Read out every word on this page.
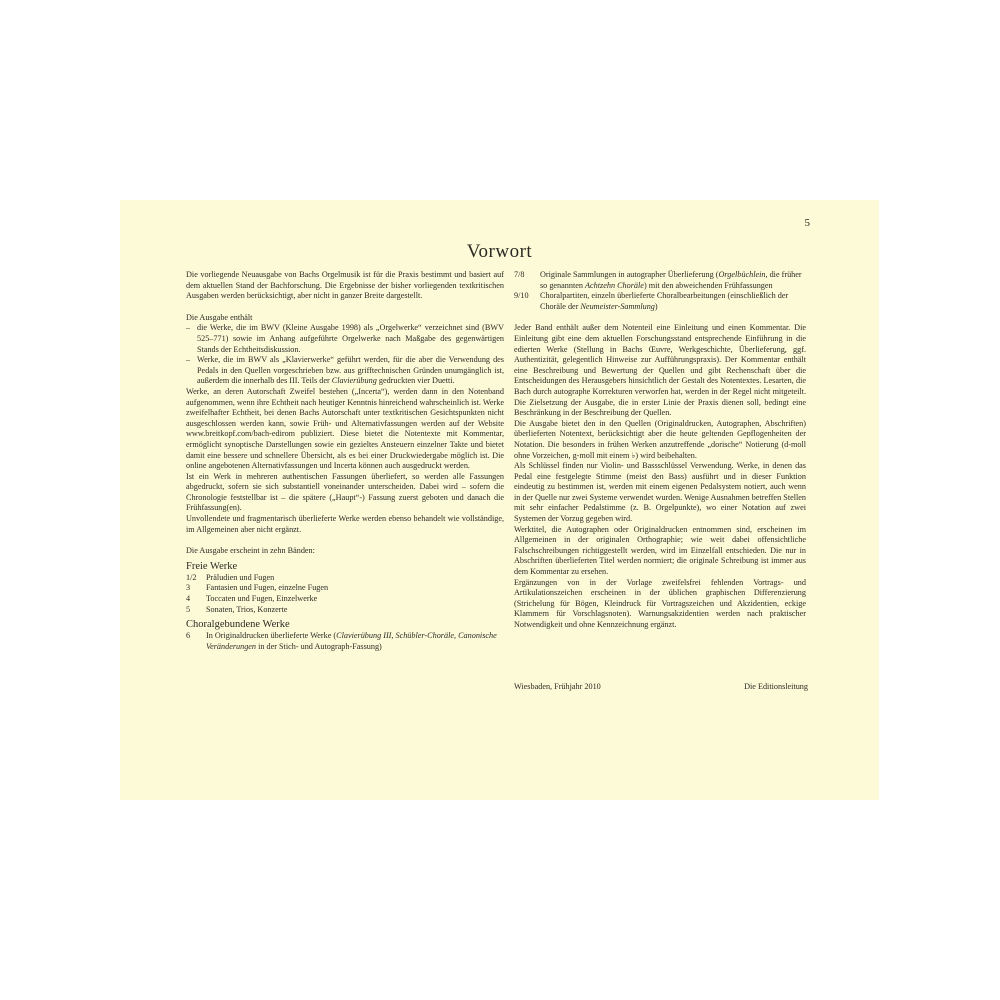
5
Vorwort

Die vorliegende Neuausgabe von Bachs Orgelmusik ist für die Praxis bestimmt und basiert auf dem aktuellen Stand der Bachforschung. Die Ergebnisse der bisher vorliegenden textkritischen Ausgaben werden berücksichtigt, aber nicht in ganzer Breite dargestellt.

Die Ausgabe enthält

– die Werke, die im BWV (Kleine Ausgabe 1998) als „Orgelwerke“ verzeichnet sind (BWV 525–771) sowie im Anhang aufgeführte Orgelwerke nach Maßgabe des gegenwärtigen Stands der Echtheitsdiskussion.
– Werke, die im BWV als „Klavierwerke“ geführt werden, für die aber die Verwendung des Pedals in den Quellen vorgeschrieben bzw. aus grifftechnischen Gründen unumgänglich ist, außerdem die innerhalb des III. Teils der Clavierübung gedruckten vier Duetti.

Werke, an deren Autorschaft Zweifel bestehen („Incerta“), werden dann in den Notenband aufgenommen, wenn ihre Echtheit nach heutiger Kenntnis hinreichend wahrscheinlich ist. Werke zweifelhafter Echtheit, bei denen Bachs Autorschaft unter textkritischen Gesichtspunkten nicht ausgeschlossen werden kann, sowie Früh- und Alternativfassungen werden auf der Website www.breitkopf.com/bach-edirom publiziert. Diese bietet die Notentexte mit Kommentar, ermöglicht synoptische Darstellungen sowie ein gezieltes Ansteuern einzelner Takte und bietet damit eine bessere und schnellere Übersicht, als es bei einer Druckwiedergabe möglich ist. Die online angebotenen Alternativfassungen und Incerta können auch ausgedruckt werden.

Ist ein Werk in mehreren authentischen Fassungen überliefert, so werden alle Fassungen abgedruckt, sofern sie sich substantiell voneinander unterscheiden. Dabei wird – sofern die Chronologie feststellbar ist – die spätere („Haupt“-) Fassung zuerst geboten und danach die Frühfassung(en).

Unvollendete und fragmentarisch überlieferte Werke werden ebenso behandelt wie vollständige, im Allgemeinen aber nicht ergänzt.

Die Ausgabe erscheint in zehn Bänden:

Freie Werke
1/2	Präludien und Fugen
3	Fantasien und Fugen, einzelne Fugen
4	Toccaten und Fugen, Einzelwerke
5	Sonaten, Trios, Konzerte
Choralgebundene Werke
6	In Originaldrucken überlieferte Werke (Clavierübung III, Schübler-Choräle, Canonische Veränderungen in der Stich- und Autograph-Fassung)
7/8	Originale Sammlungen in autographer Überlieferung (Orgelbüchlein, die früher so genannten Achtzehn Choräle) mit den abweichenden Frühfassungen
9/10	Choralpartiten, einzeln überlieferte Choralbearbeitungen (einschließlich der Choräle der Neumeister-Sammlung)

Jeder Band enthält außer dem Notenteil eine Einleitung und einen Kommentar. Die Einleitung gibt eine dem aktuellen Forschungsstand entsprechende Einführung in die edierten Werke (Stellung in Bachs Œuvre, Werkgeschichte, Überlieferung, ggf. Authentizität, gelegentlich Hinweise zur Aufführungspraxis). Der Kommentar enthält eine Beschreibung und Bewertung der Quellen und gibt Rechenschaft über die Entscheidungen des Herausgebers hinsichtlich der Gestalt des Notentextes. Lesarten, die Bach durch autographe Korrekturen verworfen hat, werden in der Regel nicht mitgeteilt. Die Zielsetzung der Ausgabe, die in erster Linie der Praxis dienen soll, bedingt eine Beschränkung in der Beschreibung der Quellen.

Die Ausgabe bietet den in den Quellen (Originaldrucken, Autographen, Abschriften) überlieferten Notentext, berücksichtigt aber die heute geltenden Gepflogenheiten der Notation. Die besonders in frühen Werken anzutreffende „dorische“ Notierung (d-moll ohne Vorzeichen, g-moll mit einem ♭) wird beibehalten.

Als Schlüssel finden nur Violin- und Bassschlüssel Verwendung. Werke, in denen das Pedal eine festgelegte Stimme (meist den Bass) ausführt und in dieser Funktion eindeutig zu bestimmen ist, werden mit einem eigenen Pedalsystem notiert, auch wenn in der Quelle nur zwei Systeme verwendet wurden. Wenige Ausnahmen betreffen Stellen mit sehr einfacher Pedalstimme (z. B. Orgelpunkte), wo einer Notation auf zwei Systemen der Vorzug gegeben wird.

Werktitel, die Autographen oder Originaldrucken entnommen sind, erscheinen im Allgemeinen in der originalen Orthographie; wie weit dabei offensichtliche Falschschreibungen richtiggestellt werden, wird im Einzelfall entschieden. Die nur in Abschriften überlieferten Titel werden normiert; die originale Schreibung ist immer aus dem Kommentar zu ersehen.

Ergänzungen von in der Vorlage zweifelsfrei fehlenden Vortrags- und Artikulationszeichen erscheinen in der üblichen graphischen Differenzierung (Strichelung für Bögen, Kleindruck für Vortragszeichen und Akzidentien, eckige Klammern für Vorschlagsnoten). Warnungsakzidentien werden nach praktischer Notwendigkeit und ohne Kennzeichnung ergänzt.

Wiesbaden, Frühjahr 2010	Die Editionsleitung
